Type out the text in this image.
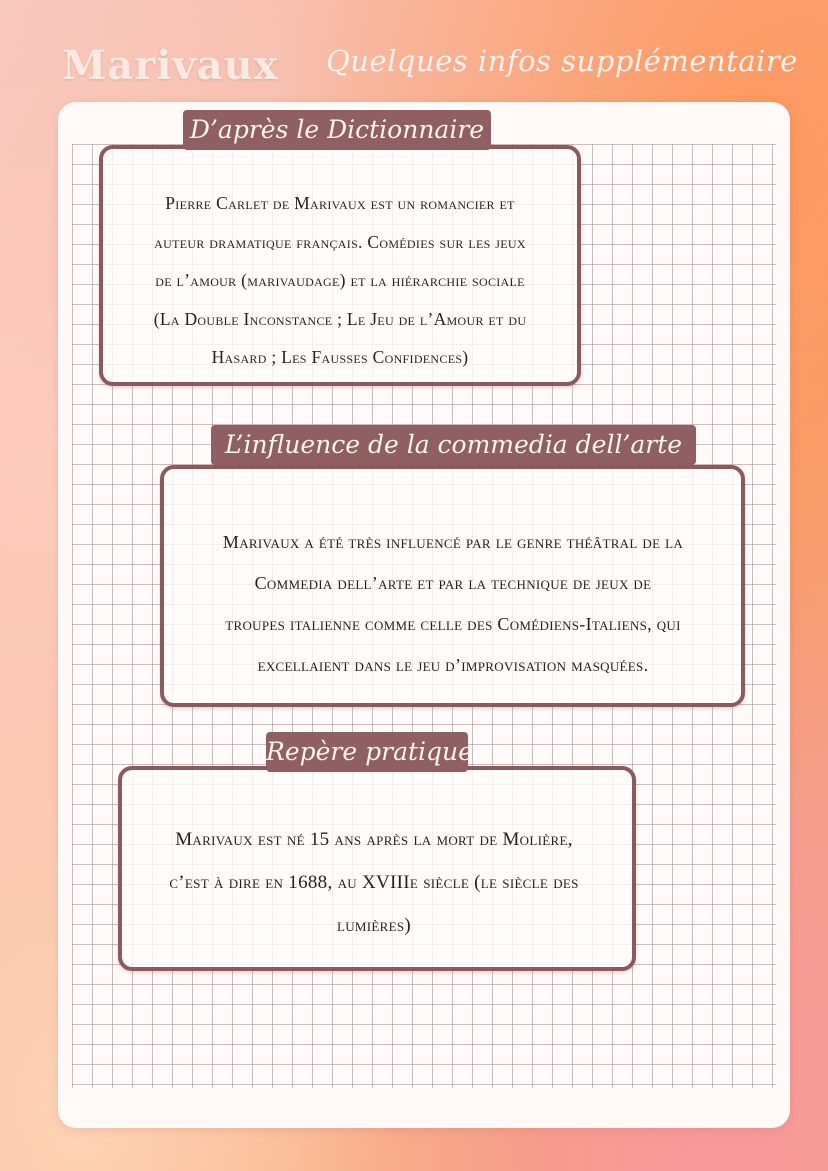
Marivaux Quelques infos supplémentaire
D’après le Dictionnaire

Pierre Carlet de Marivaux est un romancier et

auteur dramatique français. Comédies sur les jeux

de l’amour (marivaudage) et la hiérarchie sociale

(La Double Inconstance ; Le Jeu de l’Amour et du

Hasard ; Les Fausses Confidences)

L’influence de la commedia dell’arte

Marivaux a été très influencé par le genre théâtral de la

Commedia dell’arte et par la technique de jeux de

troupes italienne comme celle des Comédiens-Italiens, qui

excellaient dans le jeu d’improvisation masquées.

Repère pratique

Marivaux est né 15 ans après la mort de Molière,

c’est à dire en 1688, au XVIIIe siècle (le siècle des

lumières)
